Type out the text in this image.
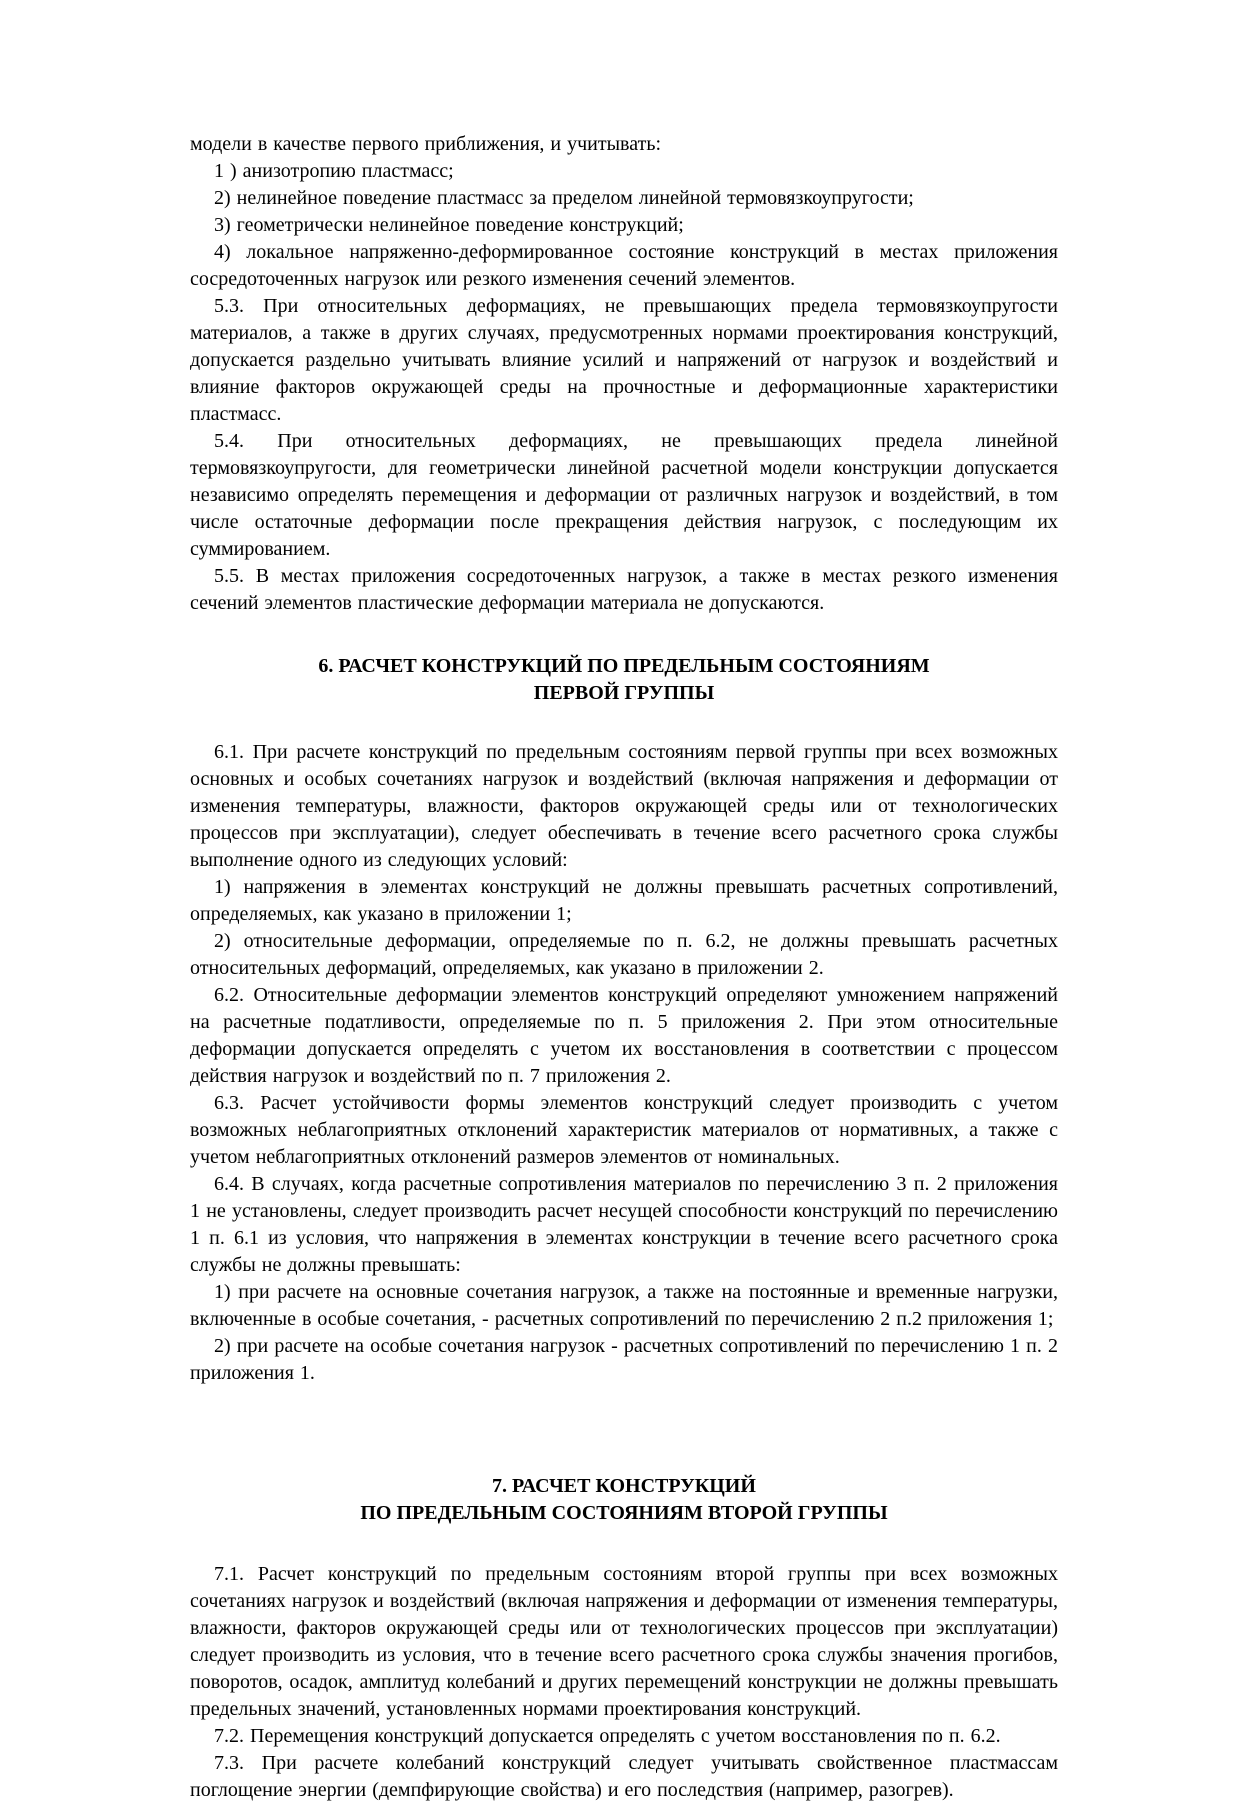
модели в качестве первого приближения, и учитывать:

1 ) анизотропию пластмасс;

2) нелинейное поведение пластмасс за пределом линейной термовязкоупругости;

3) геометрически нелинейное поведение конструкций;

4) локальное напряженно-деформированное состояние конструкций в местах приложения сосредоточенных нагрузок или резкого изменения сечений элементов.

5.3. При относительных деформациях, не превышающих предела термовязкоупругости материалов, а также в других случаях, предусмотренных нормами проектирования конструкций, допускается раздельно учитывать влияние усилий и напряжений от нагрузок и воздействий и влияние факторов окружающей среды на прочностные и деформационные характеристики пластмасс.

5.4. При относительных деформациях, не превышающих предела линейной термовязкоупругости, для геометрически линейной расчетной модели конструкции допускается независимо определять перемещения и деформации от различных нагрузок и воздействий, в том числе остаточные деформации после прекращения действия нагрузок, с последующим их суммированием.

5.5. В местах приложения сосредоточенных нагрузок, а также в местах резкого изменения сечений элементов пластические деформации материала не допускаются.

6. РАСЧЕТ КОНСТРУКЦИЙ ПО ПРЕДЕЛЬНЫМ СОСТОЯНИЯМ
ПЕРВОЙ ГРУППЫ

6.1. При расчете конструкций по предельным состояниям первой группы при всех возможных основных и особых сочетаниях нагрузок и воздействий (включая напряжения и деформации от изменения температуры, влажности, факторов окружающей среды или от технологических процессов при эксплуатации), следует обеспечивать в течение всего расчетного срока службы выполнение одного из следующих условий:

1) напряжения в элементах конструкций не должны превышать расчетных сопротивлений, определяемых, как указано в приложении 1;

2) относительные деформации, определяемые по п. 6.2, не должны превышать расчетных относительных деформаций, определяемых, как указано в приложении 2.

6.2. Относительные деформации элементов конструкций определяют умножением напряжений на расчетные податливости, определяемые по п. 5 приложения 2. При этом относительные деформации допускается определять с учетом их восстановления в соответствии с процессом действия нагрузок и воздействий по п. 7 приложения 2.

6.3. Расчет устойчивости формы элементов конструкций следует производить с учетом возможных неблагоприятных отклонений характеристик материалов от нормативных, а также с учетом неблагоприятных отклонений размеров элементов от номинальных.

6.4. В случаях, когда расчетные сопротивления материалов по перечислению 3 п. 2 приложения 1 не установлены, следует производить расчет несущей способности конструкций по перечислению 1 п. 6.1 из условия, что напряжения в элементах конструкции в течение всего расчетного срока службы не должны превышать:

1) при расчете на основные сочетания нагрузок, а также на постоянные и временные нагрузки, включенные в особые сочетания, - расчетных сопротивлений по перечислению 2 п.2 приложения 1;

2) при расчете на особые сочетания нагрузок - расчетных сопротивлений по перечислению 1 п. 2 приложения 1.

7. РАСЧЕТ КОНСТРУКЦИЙ
ПО ПРЕДЕЛЬНЫМ СОСТОЯНИЯМ ВТОРОЙ ГРУППЫ

7.1. Расчет конструкций по предельным состояниям второй группы при всех возможных сочетаниях нагрузок и воздействий (включая напряжения и деформации от изменения температуры, влажности, факторов окружающей среды или от технологических процессов при эксплуатации) следует производить из условия, что в течение всего расчетного срока службы значения прогибов, поворотов, осадок, амплитуд колебаний и других перемещений конструкции не должны превышать предельных значений, установленных нормами проектирования конструкций.

7.2. Перемещения конструкций допускается определять с учетом восстановления по п. 6.2.

7.3. При расчете колебаний конструкций следует учитывать свойственное пластмассам поглощение энергии (демпфирующие свойства) и его последствия (например, разогрев).
